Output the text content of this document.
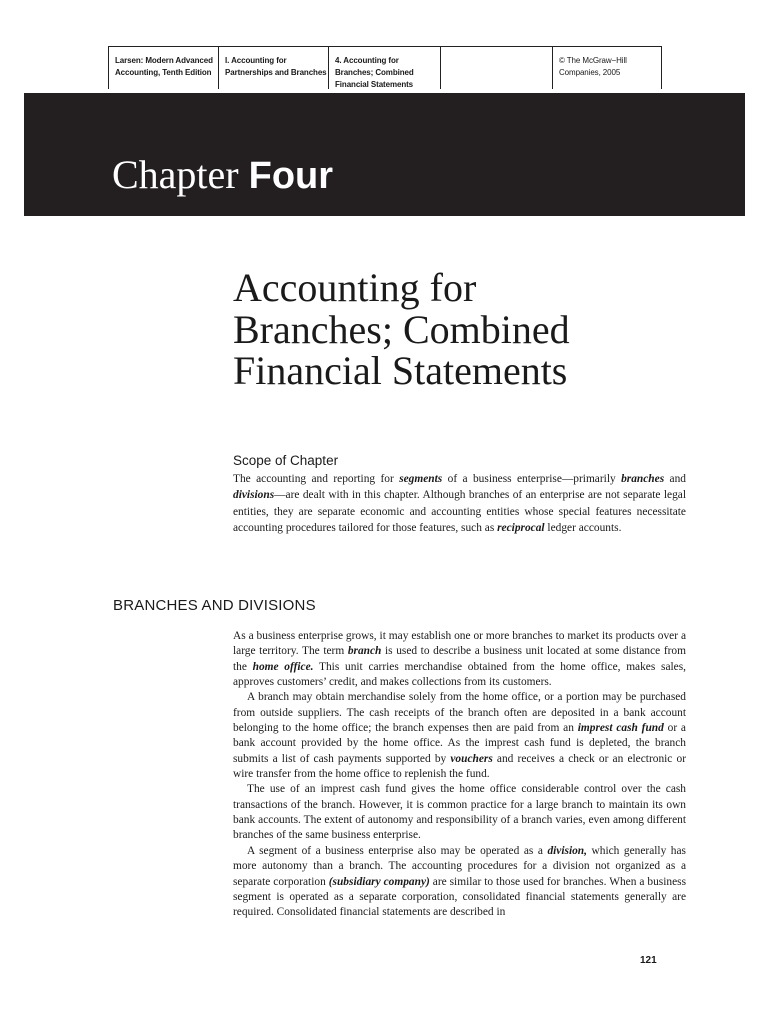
Larsen: Modern Advanced
Accounting, Tenth Edition
I. Accounting for
Partnerships and Branches
4. Accounting for
Branches; Combined
Financial Statements
© The McGraw−Hill
Companies, 2005
Chapter Four
Accounting for
Branches; Combined
Financial Statements
Scope of Chapter
The accounting and reporting for segments of a business enterprise—primarily branches and divisions—are dealt with in this chapter. Although branches of an enterprise are not separate legal entities, they are separate economic and accounting entities whose special features necessitate accounting procedures tailored for those features, such as reciprocal ledger accounts.
BRANCHES AND DIVISIONS

As a business enterprise grows, it may establish one or more branches to market its products over a large territory. The term branch is used to describe a business unit located at some distance from the home office. This unit carries merchandise obtained from the home office, makes sales, approves customers’ credit, and makes collections from its customers.

A branch may obtain merchandise solely from the home office, or a portion may be purchased from outside suppliers. The cash receipts of the branch often are deposited in a bank account belonging to the home office; the branch expenses then are paid from an imprest cash fund or a bank account provided by the home office. As the imprest cash fund is depleted, the branch submits a list of cash payments supported by vouchers and receives a check or an electronic or wire transfer from the home office to replenish the fund.

The use of an imprest cash fund gives the home office considerable control over the cash transactions of the branch. However, it is common practice for a large branch to maintain its own bank accounts. The extent of autonomy and responsibility of a branch varies, even among different branches of the same business enterprise.

A segment of a business enterprise also may be operated as a division, which generally has more autonomy than a branch. The accounting procedures for a division not organized as a separate corporation (subsidiary company) are similar to those used for branches. When a business segment is operated as a separate corporation, consolidated financial statements generally are required. Consolidated financial statements are described in

121
